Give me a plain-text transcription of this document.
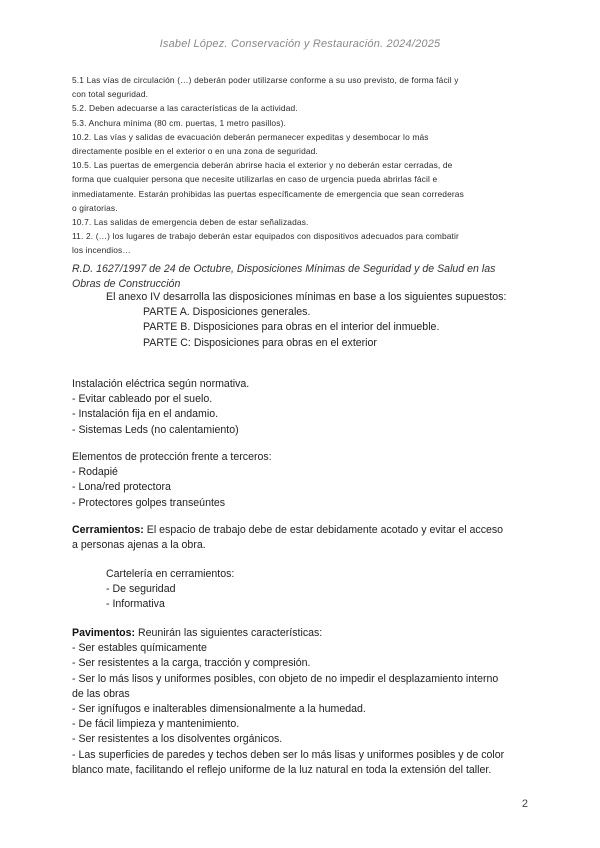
Isabel López. Conservación y Restauración. 2024/2025

5.1 Las vías de circulación (…) deberán poder utilizarse conforme a su uso previsto, de forma fácil y

con total seguridad.

5.2. Deben adecuarse a las características de la actividad.

5.3. Anchura mínima (80 cm. puertas, 1 metro pasillos).

10.2. Las vías y salidas de evacuación deberán permanecer expeditas y desembocar lo más

directamente posible en el exterior o en una zona de seguridad.

10.5. Las puertas de emergencia deberán abrirse hacia el exterior y no deberán estar cerradas, de

forma que cualquier persona que necesite utilizarlas en caso de urgencia pueda abrirlas fácil e

inmediatamente. Estarán prohibidas las puertas específicamente de emergencia que sean correderas

o giratorias.

10.7. Las salidas de emergencia deben de estar señalizadas.

11. 2. (…) los lugares de trabajo deberán estar equipados con dispositivos adecuados para combatir

los incendios…

R.D. 1627/1997 de 24 de Octubre, Disposiciones Mínimas de Seguridad y de Salud en las
Obras de Construcción

El anexo IV desarrolla las disposiciones mínimas en base a los siguientes supuestos:

PARTE A. Disposiciones generales.

PARTE B. Disposiciones para obras en el interior del inmueble.

PARTE C: Disposiciones para obras en el exterior

Instalación eléctrica según normativa.

- Evitar cableado por el suelo.

- Instalación fija en el andamio.

- Sistemas Leds (no calentamiento)

Elementos de protección frente a terceros:

- Rodapié

- Lona/red protectora

- Protectores golpes transeúntes

Cerramientos: El espacio de trabajo debe de estar debidamente acotado y evitar el acceso

a personas ajenas a la obra.

Cartelería en cerramientos:

- De seguridad

- Informativa

Pavimentos: Reunirán las siguientes características:

- Ser estables químicamente

- Ser resistentes a la carga, tracción y compresión.

- Ser lo más lisos y uniformes posibles, con objeto de no impedir el desplazamiento interno

de las obras

- Ser ignífugos e inalterables dimensionalmente a la humedad.

- De fácil limpieza y mantenimiento.

- Ser resistentes a los disolventes orgánicos.

- Las superficies de paredes y techos deben ser lo más lisas y uniformes posibles y de color

blanco mate, facilitando el reflejo uniforme de la luz natural en toda la extensión del taller.

2
